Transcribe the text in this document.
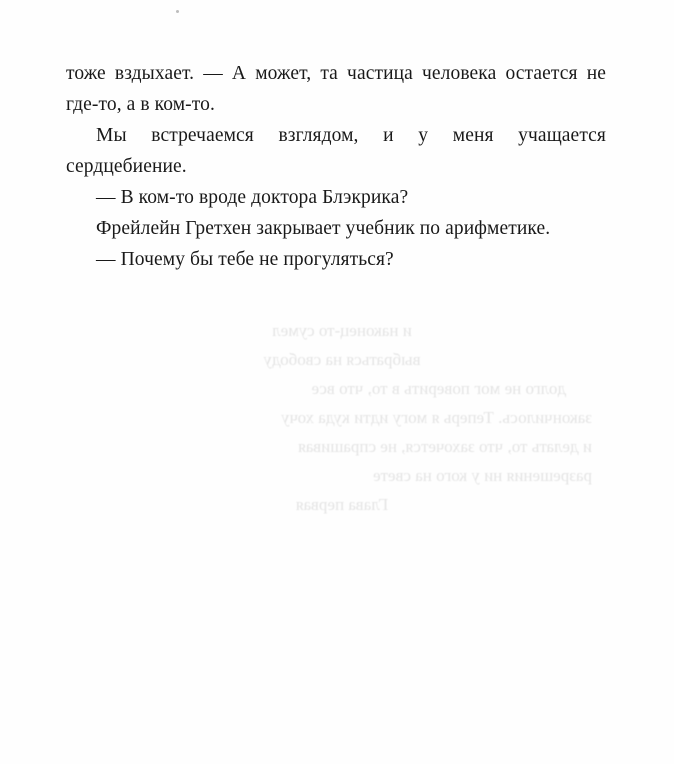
и наконец-то сумел

выбраться на свободу

долго не мог поверить в то, что все

закончилось. Теперь я могу идти куда хочу

и делать то, что захочется, не спрашивая

разрешения ни у кого на свете

Глава первая

тоже вздыхает. — А может, та частица человека остается не где-то, а в ком-то.

Мы встречаемся взглядом, и у меня учащается сердцебиение.

— В ком-то вроде доктора Блэкрика?

Фрейлейн Гретхен закрывает учебник по арифметике.

— Почему бы тебе не прогуляться?
